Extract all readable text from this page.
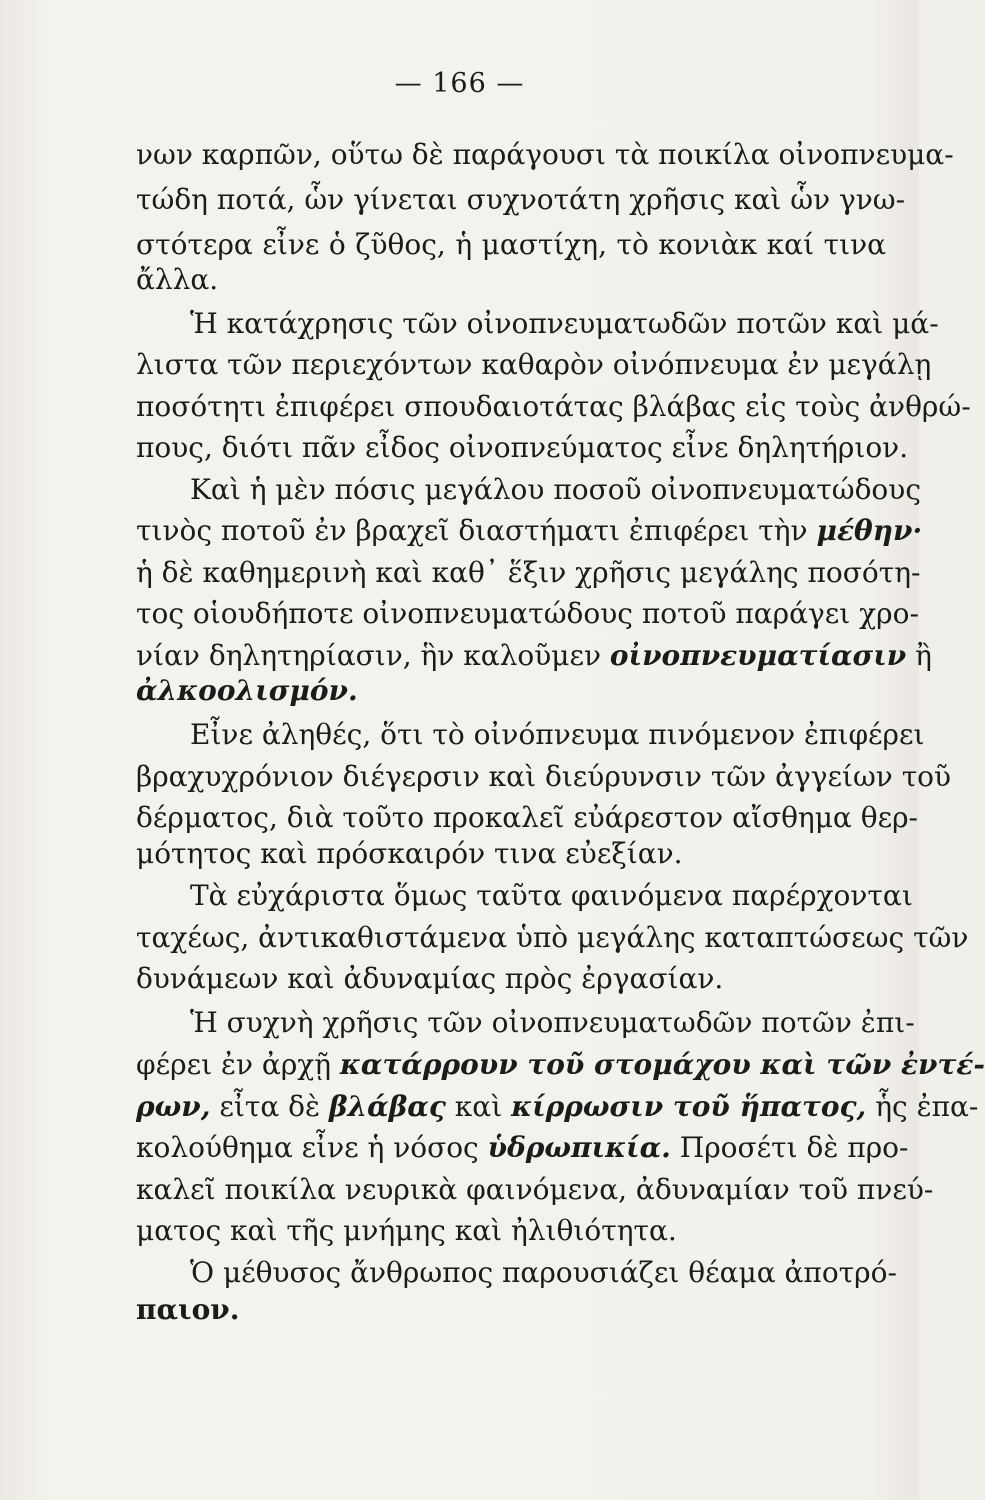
— 166 —
νων καρπῶν, οὕτω δὲ παράγουσι τὰ ποικίλα οἰνοπνευμα-
τώδη ποτά, ὧν γίνεται συχνοτάτη χρῆσις καὶ ὧν γνω-
στότερα εἶνε ὁ ζῦθος, ἡ μαστίχη, τὸ κονιὰκ καί τινα
ἄλλα.
Ἡ κατάχρησις τῶν οἰνοπνευματωδῶν ποτῶν καὶ μά-
λιστα τῶν περιεχόντων καθαρὸν οἰνόπνευμα ἐν μεγάλῃ
ποσότητι ἐπιφέρει σπουδαιοτάτας βλάβας εἰς τοὺς ἀνθρώ-
πους, διότι πᾶν εἶδος οἰνοπνεύματος εἶνε δηλητήριον.
Καὶ ἡ μὲν πόσις μεγάλου ποσοῦ οἰνοπνευματώδους
τινὸς ποτοῦ ἐν βραχεῖ διαστήματι ἐπιφέρει τὴν μέθην·
ἡ δὲ καθημερινὴ καὶ καθ᾽ ἕξιν χρῆσις μεγάλης ποσότη-
τος οἱουδήποτε οἰνοπνευματώδους ποτοῦ παράγει χρο-
νίαν δηλητηρίασιν, ἣν καλοῦμεν οἰνοπνευματίασιν ἢ
ἀλκοολισμόν.
Εἶνε ἀληθές, ὅτι τὸ οἰνόπνευμα πινόμενον ἐπιφέρει
βραχυχρόνιον διέγερσιν καὶ διεύρυνσιν τῶν ἀγγείων τοῦ
δέρματος, διὰ τοῦτο προκαλεῖ εὐάρεστον αἴσθημα θερ-
μότητος καὶ πρόσκαιρόν τινα εὐεξίαν.
Τὰ εὐχάριστα ὅμως ταῦτα φαινόμενα παρέρχονται
ταχέως, ἀντικαθιστάμενα ὑπὸ μεγάλης καταπτώσεως τῶν
δυνάμεων καὶ ἀδυναμίας πρὸς ἐργασίαν.
Ἡ συχνὴ χρῆσις τῶν οἰνοπνευματωδῶν ποτῶν ἐπι-
φέρει ἐν ἀρχῇ κατάρρουν τοῦ στομάχου καὶ τῶν ἐντέ-
ρων, εἶτα δὲ βλάβας καὶ κίρρωσιν τοῦ ἥπατος, ἧς ἐπα-
κολούθημα εἶνε ἡ νόσος ὑδρωπικία. Προσέτι δὲ προ-
καλεῖ ποικίλα νευρικὰ φαινόμενα, ἀδυναμίαν τοῦ πνεύ-
ματος καὶ τῆς μνήμης καὶ ἠλιθιότητα.
Ὁ μέθυσος ἄνθρωπος παρουσιάζει θέαμα ἀποτρό-
παιον.
